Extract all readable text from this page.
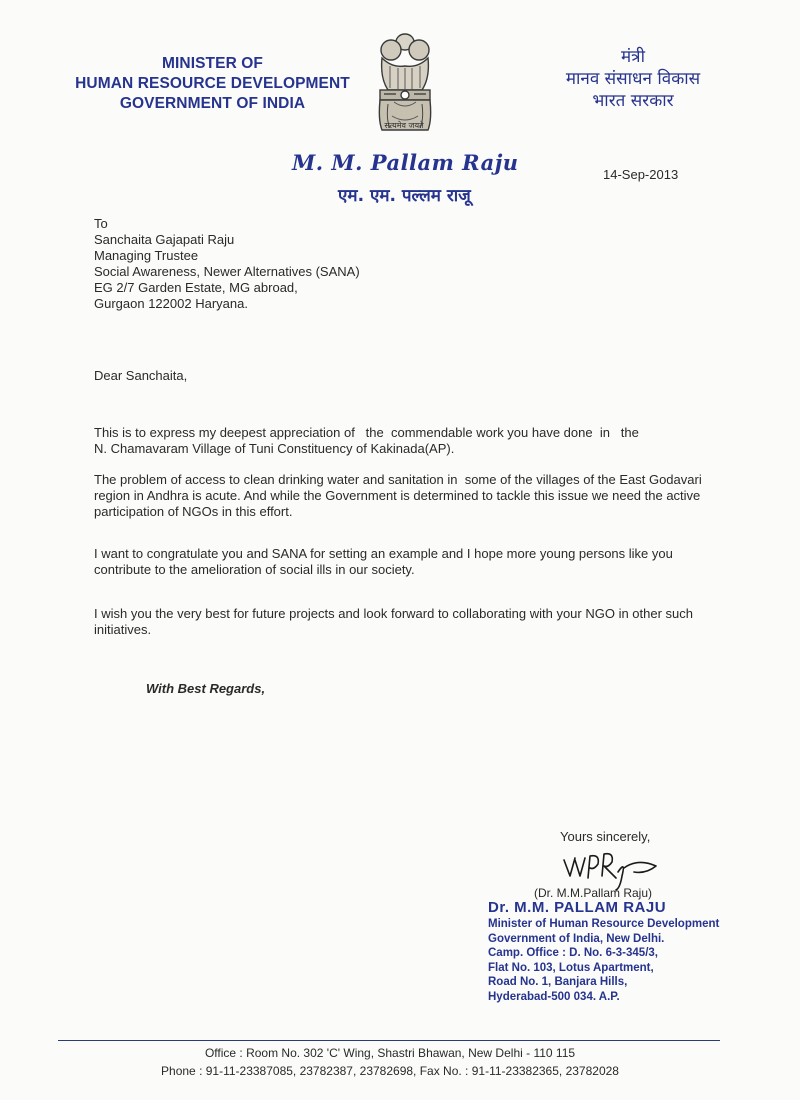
MINISTER OF
HUMAN RESOURCE DEVELOPMENT
GOVERNMENT OF INDIA
सत्यमेव जयते
मंत्री
मानव संसाधन विकास
भारत सरकार
M. M. Pallam Raju
एम. एम. पल्लम राजू
14-Sep-2013
To
Sanchaita Gajapati Raju
Managing Trustee
Social Awareness, Newer Alternatives (SANA)
EG 2/7 Garden Estate, MG abroad,
Gurgaon 122002 Haryana.
Dear Sanchaita,
This is to express my deepest appreciation of   the  commendable work you have done  in   the
N. Chamavaram Village of Tuni Constituency of Kakinada(AP).
The problem of access to clean drinking water and sanitation in  some of the villages of the East Godavari
region in Andhra is acute. And while the Government is determined to tackle this issue we need the active
participation of NGOs in this effort.
I want to congratulate you and SANA for setting an example and I hope more young persons like you
contribute to the amelioration of social ills in our society.
I wish you the very best for future projects and look forward to collaborating with your NGO in other such
initiatives.
With Best Regards,
Yours sincerely,
(Dr. M.M.Pallam Raju)
Dr. M.M. PALLAM RAJU
Minister of Human Resource Development
Government of India, New Delhi.
Camp. Office : D. No. 6-3-345/3,
Flat No. 103, Lotus Apartment,
Road No. 1, Banjara Hills,
Hyderabad-500 034. A.P.
Office : Room No. 302 'C' Wing, Shastri Bhawan, New Delhi - 110 115
Phone : 91-11-23387085, 23782387, 23782698, Fax No. : 91-11-23382365, 23782028
